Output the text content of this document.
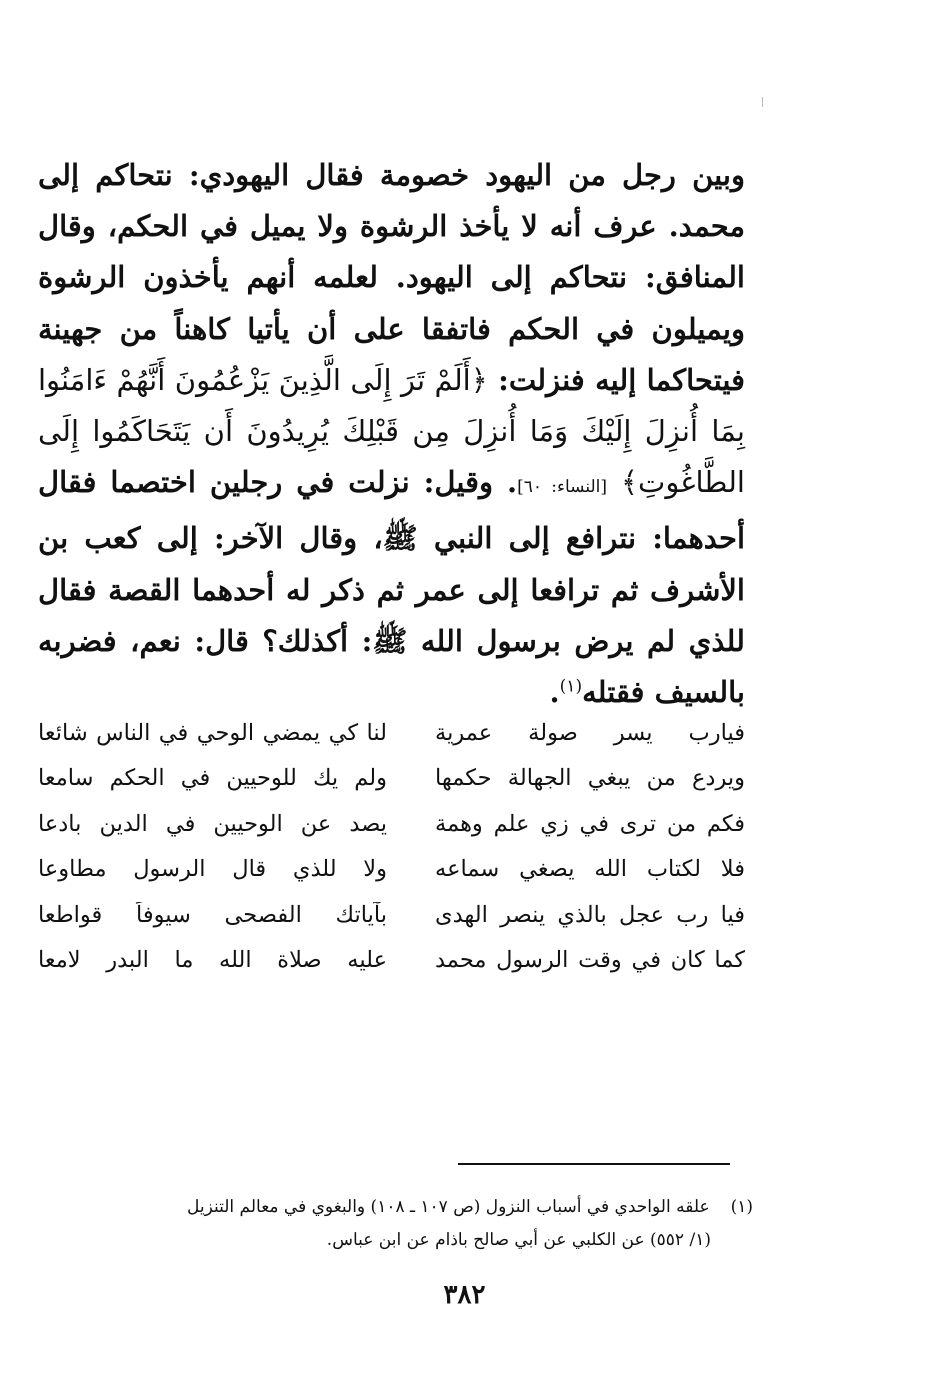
وبين رجل من اليهود خصومة فقال اليهودي: نتحاكم إلى محمد. عرف أنه لا يأخذ الرشوة ولا يميل في الحكم، وقال المنافق: نتحاكم إلى اليهود. لعلمه أنهم يأخذون الرشوة ويميلون في الحكم فاتفقا على أن يأتيا كاهناً من جهينة فيتحاكما إليه فنزلت: ﴿أَلَمْ تَرَ إِلَى الَّذِينَ يَزْعُمُونَ أَنَّهُمْ ءَامَنُوا بِمَا أُنزِلَ إِلَيْكَ وَمَا أُنزِلَ مِن قَبْلِكَ يُرِيدُونَ أَن يَتَحَاكَمُوا إِلَى الطَّاغُوتِ﴾ [النساء: ٦٠]. وقيل: نزلت في رجلين اختصما فقال أحدهما: نترافع إلى النبي ﷺ، وقال الآخر: إلى كعب بن الأشرف ثم ترافعا إلى عمر ثم ذكر له أحدهما القصة فقال للذي لم يرض برسول الله ﷺ: أكذلك؟ قال: نعم، فضربه بالسيف فقتله$^{(١)}$.
فيارب يسر صولة عمرية
لنا كي يمضي الوحي في الناس شائعا
ويردع من يبغي الجهالة حكمها
ولم يك للوحيين في الحكم سامعا
فكم من ترى في زي علم وهمة
يصد عن الوحيين في الدين بادعا
فلا لكتاب الله يصغي سماعه
ولا للذي قال الرسول مطاوعا
فيا رب عجل بالذي ينصر الهدى
بآياتك الفصحى سيوفاً قواطعا
كما كان في وقت الرسول محمد
عليه صلاة الله ما البدر لامعا
(١) علقه الواحدي في أسباب النزول (ص ١٠٧ ـ ١٠٨) والبغوي في معالم التنزيل
(١/ ٥٥٢) عن الكلبي عن أبي صالح باذام عن ابن عباس.
٣٨٢
